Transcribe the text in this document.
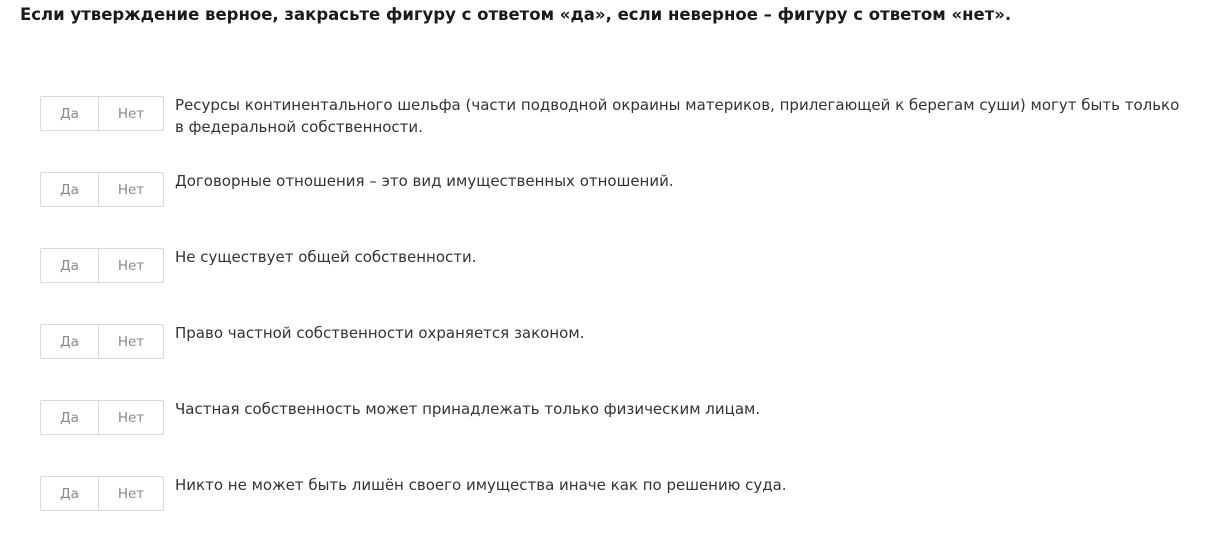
Если утверждение верное, закрасьте фигуру с ответом «да», если неверное – фигуру с ответом «нет».
Да	Нет	Ресурсы континентального шельфа (части подводной окраины материков, прилегающей к берегам суши) могут быть только в федеральной собственности.
Да	Нет	Договорные отношения – это вид имущественных отношений.
Да	Нет	Не существует общей собственности.
Да	Нет	Право частной собственности охраняется законом.
Да	Нет	Частная собственность может принадлежать только физическим лицам.
Да	Нет	Никто не может быть лишён своего имущества иначе как по решению суда.
